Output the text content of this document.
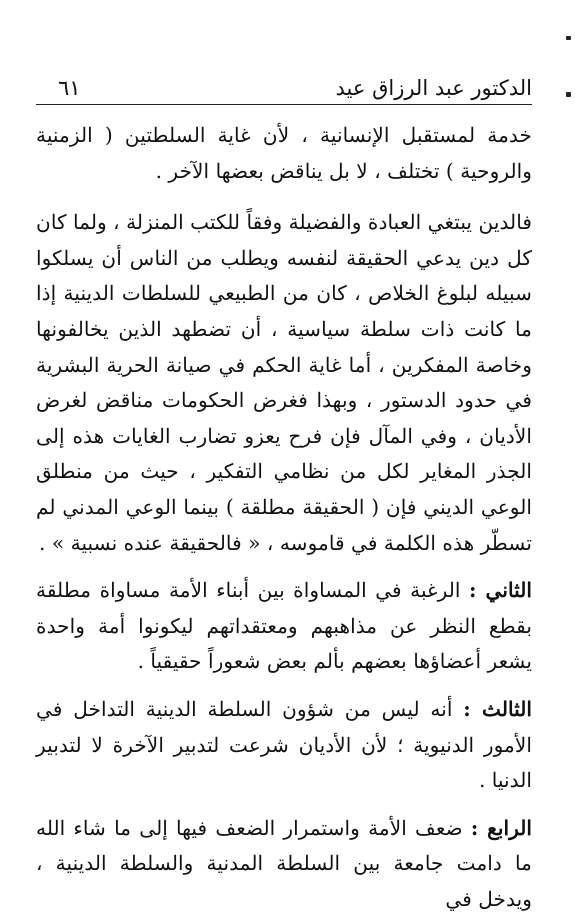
٦١	الدكتور عبد الرزاق عيد

خدمة لمستقبل الإنسانية ، لأن غاية السلطتين ( الزمنية والروحية ) تختلف ، لا بل يناقض بعضها الآخر .

فالدين يبتغي العبادة والفضيلة وفقاً للكتب المنزلة ، ولما كان كل دين يدعي الحقيقة لنفسه ويطلب من الناس أن يسلكوا سبيله لبلوغ الخلاص ، كان من الطبيعي للسلطات الدينية إذا ما كانت ذات سلطة سياسية ، أن تضطهد الذين يخالفونها وخاصة المفكرين ، أما غاية الحكم في صيانة الحرية البشرية في حدود الدستور ، وبهذا فغرض الحكومات مناقض لغرض الأديان ، وفي المآل فإن فرح يعزو تضارب الغايات هذه إلى الجذر المغاير لكل من نظامي التفكير ، حيث من منطلق الوعي الديني فإن ( الحقيقة مطلقة ) بينما الوعي المدني لم تسطّر هذه الكلمة في قاموسه ، « فالحقيقة عنده نسبية » .

الثاني : الرغبة في المساواة بين أبناء الأمة مساواة مطلقة بقطع النظر عن مذاهبهم ومعتقداتهم ليكونوا أمة واحدة يشعر أعضاؤها بعضهم بألم بعض شعوراً حقيقياً .

الثالث : أنه ليس من شؤون السلطة الدينية التداخل في الأمور الدنيوية ؛ لأن الأديان شرعت لتدبير الآخرة لا لتدبير الدنيا .

الرابع : ضعف الأمة واستمرار الضعف فيها إلى ما شاء الله ما دامت جامعة بين السلطة المدنية والسلطة الدينية ، ويدخل في
